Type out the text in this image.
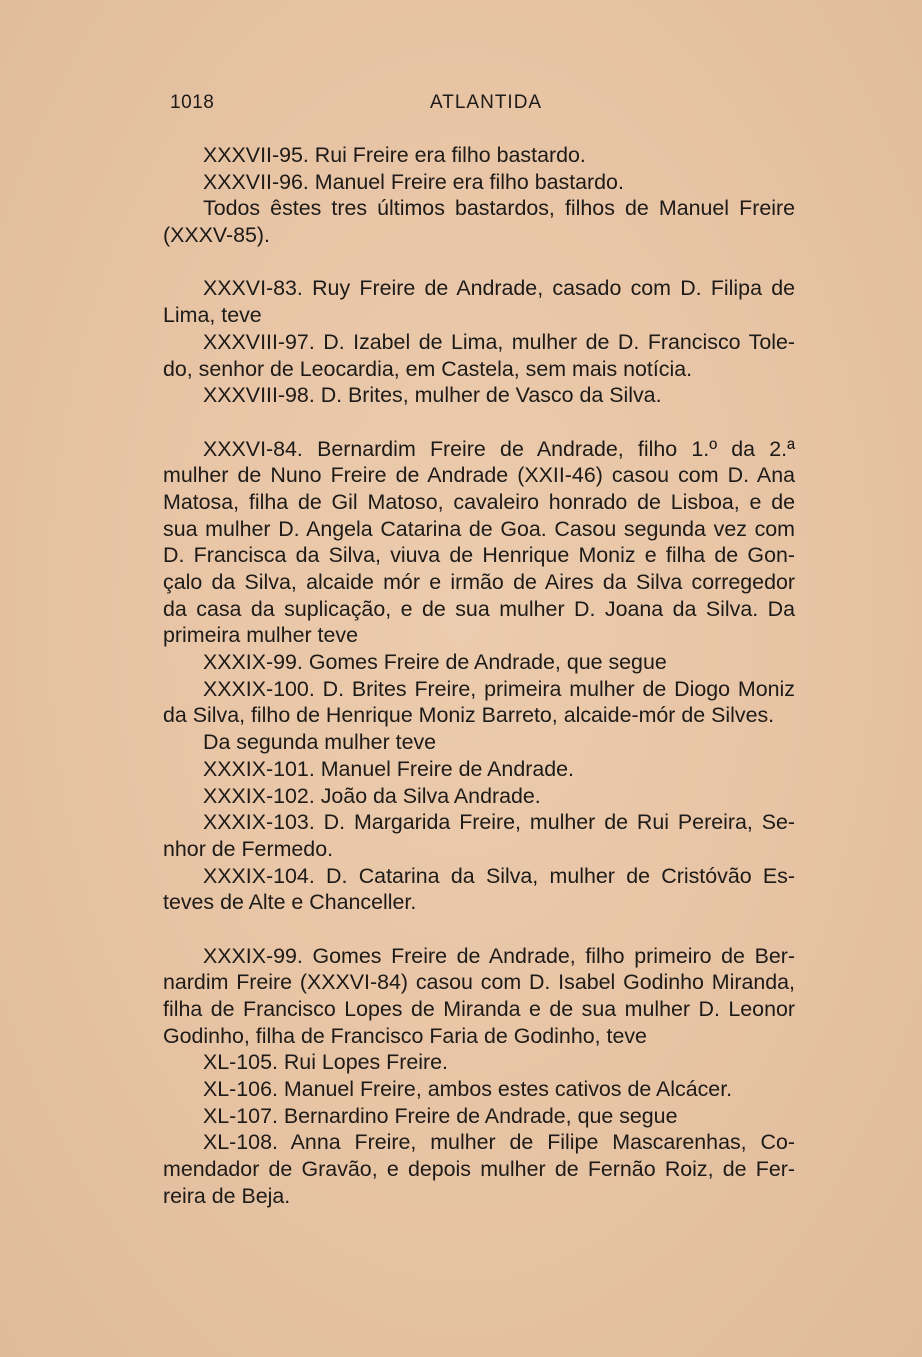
1018	ATLANTIDA
XXXVII-95. Rui Freire era filho bastardo.
XXXVII-96. Manuel Freire era filho bastardo.
Todos êstes tres últimos bastardos, filhos de Manuel Freire
(XXXV-85).
XXXVI-83. Ruy Freire de Andrade, casado com D. Filipa de
Lima, teve
XXXVIII-97. D. Izabel de Lima, mulher de D. Francisco Tole-
do, senhor de Leocardia, em Castela, sem mais notícia.
XXXVIII-98. D. Brites, mulher de Vasco da Silva.
XXXVI-84. Bernardim Freire de Andrade, filho 1.º da 2.ª
mulher de Nuno Freire de Andrade (XXII-46) casou com D. Ana
Matosa, filha de Gil Matoso, cavaleiro honrado de Lisboa, e de
sua mulher D. Angela Catarina de Goa. Casou segunda vez com
D. Francisca da Silva, viuva de Henrique Moniz e filha de Gon-
çalo da Silva, alcaide mór e irmão de Aires da Silva corregedor
da casa da suplicação, e de sua mulher D. Joana da Silva. Da
primeira mulher teve
XXXIX-99. Gomes Freire de Andrade, que segue
XXXIX-100. D. Brites Freire, primeira mulher de Diogo Moniz
da Silva, filho de Henrique Moniz Barreto, alcaide-mór de Silves.
Da segunda mulher teve
XXXIX-101. Manuel Freire de Andrade.
XXXIX-102. João da Silva Andrade.
XXXIX-103. D. Margarida Freire, mulher de Rui Pereira, Se-
nhor de Fermedo.
XXXIX-104. D. Catarina da Silva, mulher de Cristóvão Es-
teves de Alte e Chanceller.
XXXIX-99. Gomes Freire de Andrade, filho primeiro de Ber-
nardim Freire (XXXVI-84) casou com D. Isabel Godinho Miranda,
filha de Francisco Lopes de Miranda e de sua mulher D. Leonor
Godinho, filha de Francisco Faria de Godinho, teve
XL-105. Rui Lopes Freire.
XL-106. Manuel Freire, ambos estes cativos de Alcácer.
XL-107. Bernardino Freire de Andrade, que segue
XL-108. Anna Freire, mulher de Filipe Mascarenhas, Co-
mendador de Gravão, e depois mulher de Fernão Roiz, de Fer-
reira de Beja.
